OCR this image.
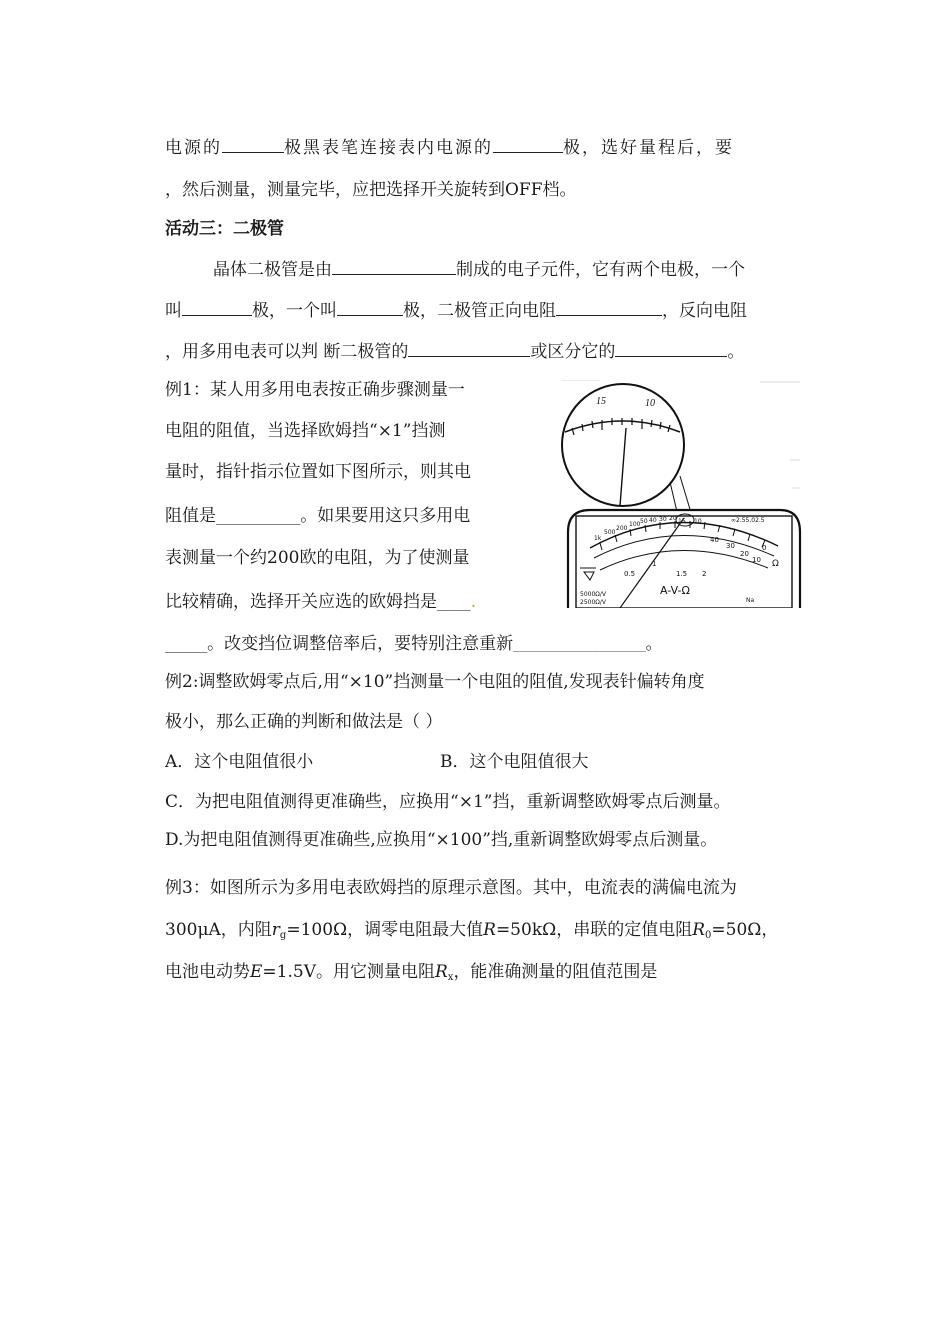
电源的	极黑表笔连接表内电源的	极，选好量程后，要
，然后测量，测量完毕，应把选择开关旋转到OFF档。
活动三：二极管
晶体二极管是由	制成的电子元件，它有两个电极，一个
叫	极，一个叫	极，二极管正向电阻	，反向电阻
，用多用电表可以判 断二极管的	或区分它的	。
例1：某人用多用电表按正确步骤测量一
电阻的阻值，当选择欧姆挡“×1”挡测
量时，指针指示位置如下图所示，则其电
阻值是__________。如果要用这只多用电
表测量一个约200欧的电阻，为了使测量
比较精确，选择开关应选的欧姆挡是____.
_____。改变挡位调整倍率后，要特别注意重新____________________。
15	10
1k
500
200
100 50 40 30 20 15 10	∞2.55,02.5
0.5
1
1.5 2
40
30
20
10
0
Ω
A-V-Ω
5000Ω/V
2500Ω/V	Na
例2:调整欧姆零点后,用“×10”挡测量一个电阻的阻值,发现表针偏转角度
极小，那么正确的判断和做法是（ ）
A．这个电阻值很小	B．这个电阻值很大
C．为把电阻值测得更准确些，应换用“×1”挡，重新调整欧姆零点后测量。
D.为把电阻值测得更准确些,应换用“×100”挡,重新调整欧姆零点后测量。
例3：如图所示为多用电表欧姆挡的原理示意图。其中，电流表的满偏电流为
300μA，内阻$r_g=100\Omega$，调零电阻最大值R=50kΩ，串联的定值电阻$R_0=50\Omega$，
电池电动势E=1.5V。用它测量电阻$R_x$，能准确测量的阻值范围是
